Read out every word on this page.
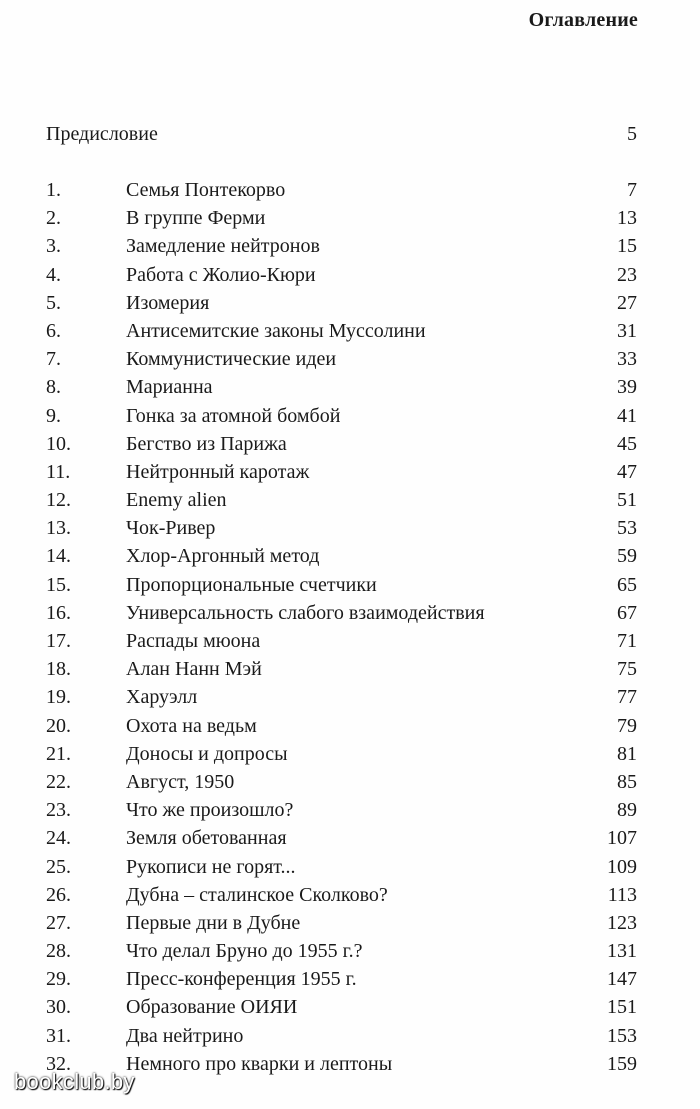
Оглавление
Предисловие	5
1.	Семья Понтекорво	7
2.	В группе Ферми	13
3.	Замедление нейтронов	15
4.	Работа с Жолио-Кюри	23
5.	Изомерия	27
6.	Антисемитские законы Муссолини	31
7.	Коммунистические идеи	33
8.	Марианна	39
9.	Гонка за атомной бомбой	41
10.	Бегство из Парижа	45
11.	Нейтронный каротаж	47
12.	Enemy alien	51
13.	Чок-Ривер	53
14.	Хлор-Аргонный метод	59
15.	Пропорциональные счетчики	65
16.	Универсальность слабого взаимодействия	67
17.	Распады мюона	71
18.	Алан Нанн Мэй	75
19.	Харуэлл	77
20.	Охота на ведьм	79
21.	Доносы и допросы	81
22.	Август, 1950	85
23.	Что же произошло?	89
24.	Земля обетованная	107
25.	Рукописи не горят...	109
26.	Дубна – сталинское Сколково?	113
27.	Первые дни в Дубне	123
28.	Что делал Бруно до 1955 г.?	131
29.	Пресс-конференция 1955 г.	147
30.	Образование ОИЯИ	151
31.	Два нейтрино	153
32.	Немного про кварки и лептоны	159
bookclub.by
